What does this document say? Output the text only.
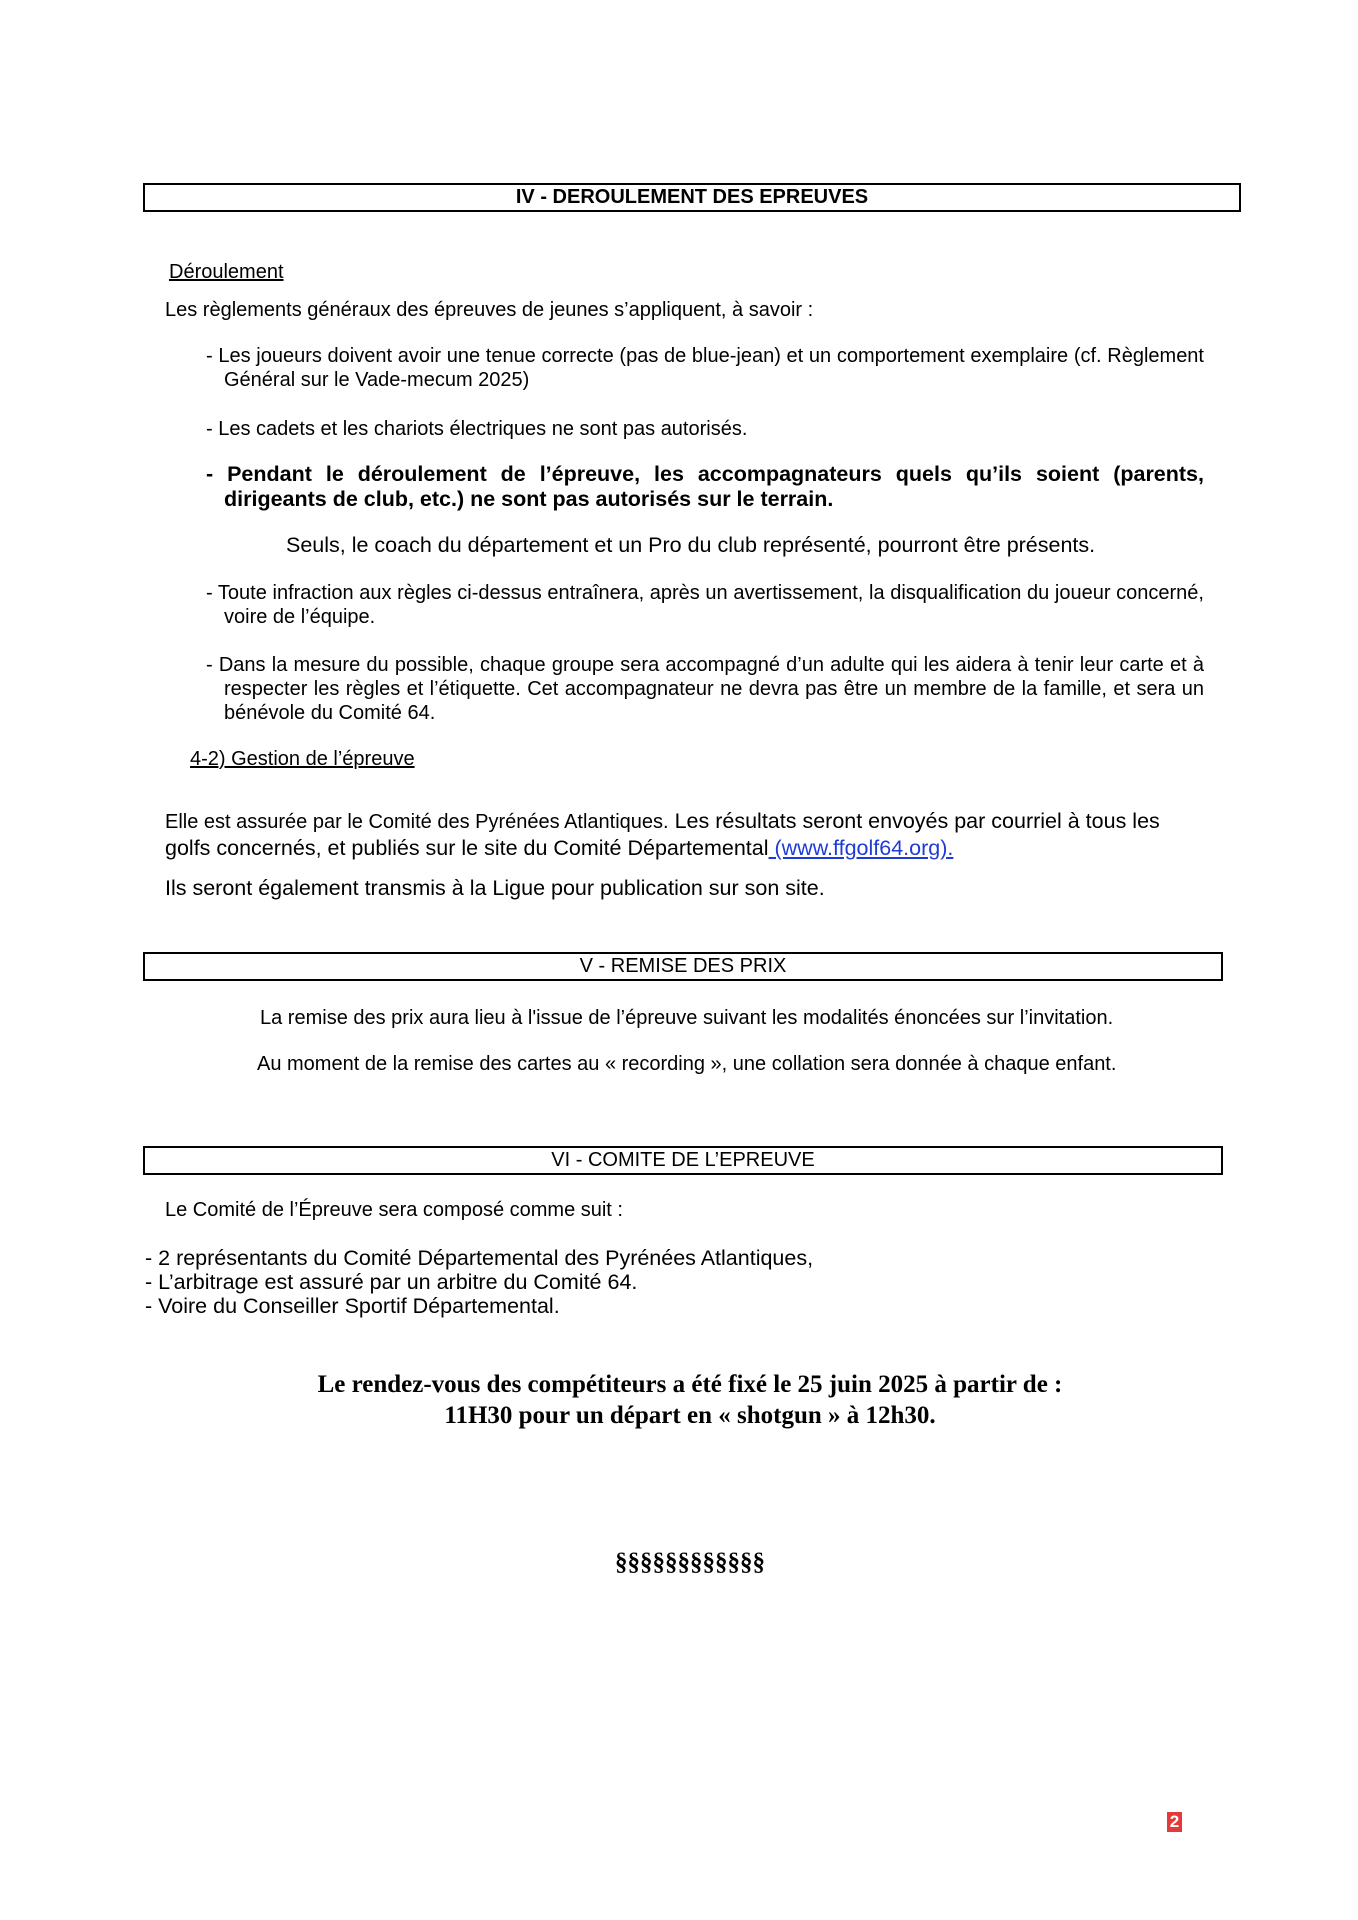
IV - DEROULEMENT DES EPREUVES
Déroulement
Les règlements généraux des épreuves de jeunes s’appliquent, à savoir :
- Les joueurs doivent avoir une tenue correcte (pas de blue-jean) et un comportement exemplaire (cf. Règlement Général sur le Vade-mecum 2025)
- Les cadets et les chariots électriques ne sont pas autorisés.
- Pendant le déroulement de l’épreuve, les accompagnateurs quels qu’ils soient (parents, dirigeants de club, etc.) ne sont pas autorisés sur le terrain.
Seuls, le coach du département et un Pro du club représenté, pourront être présents.
- Toute infraction aux règles ci-dessus entraînera, après un avertissement, la disqualification du joueur concerné, voire de l’équipe.
- Dans la mesure du possible, chaque groupe sera accompagné d’un adulte qui les aidera à tenir leur carte et à respecter les règles et l’étiquette. Cet accompagnateur ne devra pas être un membre de la famille, et sera un bénévole du Comité 64.
4-2) Gestion de l’épreuve
Elle est assurée par le Comité des Pyrénées Atlantiques. Les résultats seront envoyés par courriel à tous les golfs concernés, et publiés sur le site du Comité Départemental (www.ffgolf64.org).
Ils seront également transmis à la Ligue pour publication sur son site.
V - REMISE DES PRIX
La remise des prix aura lieu à l'issue de l’épreuve suivant les modalités énoncées sur l’invitation.
Au moment de la remise des cartes au « recording », une collation sera donnée à chaque enfant.
VI - COMITE DE L’EPREUVE
Le Comité de l’Épreuve sera composé comme suit :
- 2 représentants du Comité Départemental des Pyrénées Atlantiques,
- L’arbitrage est assuré par un arbitre du Comité 64.
- Voire du Conseiller Sportif Départemental.
Le rendez-vous des compétiteurs a été fixé le 25 juin 2025 à partir de :
11H30 pour un départ en « shotgun » à 12h30.
§§§§§§§§§§§§
2
